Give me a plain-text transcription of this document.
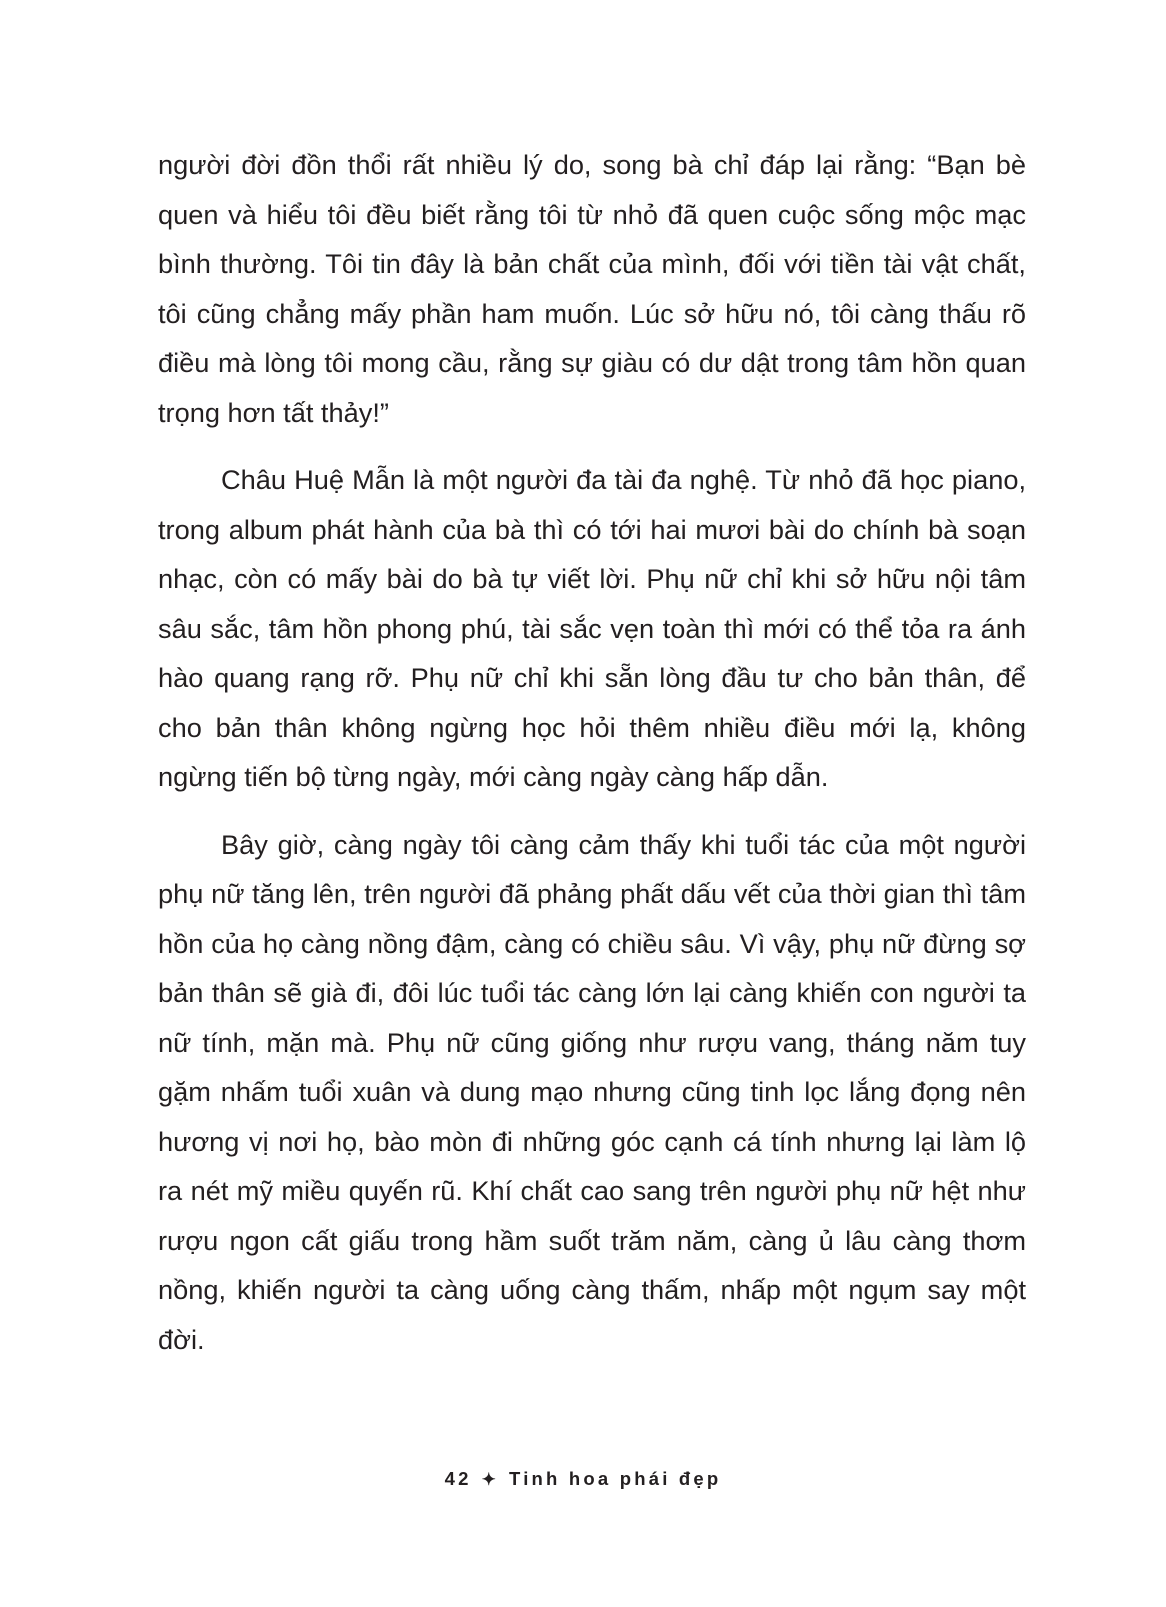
người đời đồn thổi rất nhiều lý do, song bà chỉ đáp lại rằng: “Bạn bè quen và hiểu tôi đều biết rằng tôi từ nhỏ đã quen cuộc sống mộc mạc bình thường. Tôi tin đây là bản chất của mình, đối với tiền tài vật chất, tôi cũng chẳng mấy phần ham muốn. Lúc sở hữu nó, tôi càng thấu rõ điều mà lòng tôi mong cầu, rằng sự giàu có dư dật trong tâm hồn quan trọng hơn tất thảy!”

Châu Huệ Mẫn là một người đa tài đa nghệ. Từ nhỏ đã học piano, trong album phát hành của bà thì có tới hai mươi bài do chính bà soạn nhạc, còn có mấy bài do bà tự viết lời. Phụ nữ chỉ khi sở hữu nội tâm sâu sắc, tâm hồn phong phú, tài sắc vẹn toàn thì mới có thể tỏa ra ánh hào quang rạng rỡ. Phụ nữ chỉ khi sẵn lòng đầu tư cho bản thân, để cho bản thân không ngừng học hỏi thêm nhiều điều mới lạ, không ngừng tiến bộ từng ngày, mới càng ngày càng hấp dẫn.

Bây giờ, càng ngày tôi càng cảm thấy khi tuổi tác của một người phụ nữ tăng lên, trên người đã phảng phất dấu vết của thời gian thì tâm hồn của họ càng nồng đậm, càng có chiều sâu. Vì vậy, phụ nữ đừng sợ bản thân sẽ già đi, đôi lúc tuổi tác càng lớn lại càng khiến con người ta nữ tính, mặn mà. Phụ nữ cũng giống như rượu vang, tháng năm tuy gặm nhấm tuổi xuân và dung mạo nhưng cũng tinh lọc lắng đọng nên hương vị nơi họ, bào mòn đi những góc cạnh cá tính nhưng lại làm lộ ra nét mỹ miều quyến rũ. Khí chất cao sang trên người phụ nữ hệt như rượu ngon cất giấu trong hầm suốt trăm năm, càng ủ lâu càng thơm nồng, khiến người ta càng uống càng thấm, nhấp một ngụm say một đời.

42 ✦ Tinh hoa phái đẹp
